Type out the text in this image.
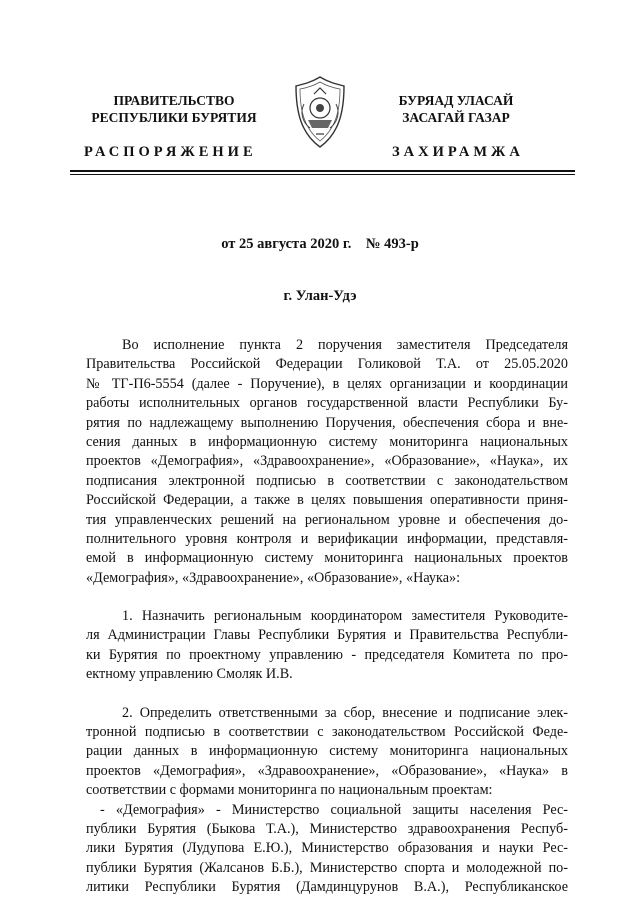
ПРАВИТЕЛЬСТВО
РЕСПУБЛИКИ БУРЯТИЯ
БУРЯАД УЛАСАЙ
ЗАСАГАЙ ГАЗАР
РАСПОРЯЖЕНИЕ	ЗАХИРАМЖА
от 25 августа 2020 г.    № 493-р
г. Улан-Удэ
Во исполнение пункта 2 поручения заместителя Председателя
Правительства Российской Федерации Голиковой Т.А. от 25.05.2020
№ ТГ-П6-5554 (далее - Поручение), в целях организации и координации
работы исполнительных органов государственной власти Республики Бу-
рятия по надлежащему выполнению Поручения, обеспечения сбора и вне-
сения данных в информационную систему мониторинга национальных
проектов «Демография», «Здравоохранение», «Образование», «Наука», их
подписания электронной подписью в соответствии с законодательством
Российской Федерации, а также в целях повышения оперативности приня-
тия управленческих решений на региональном уровне и обеспечения до-
полнительного уровня контроля и верификации информации, представля-
емой в информационную систему мониторинга национальных проектов
«Демография», «Здравоохранение», «Образование», «Наука»:
1. Назначить региональным координатором заместителя Руководите-
ля Администрации Главы Республики Бурятия и Правительства Республи-
ки Бурятия по проектному управлению - председателя Комитета по про-
ектному управлению Смоляк И.В.
2. Определить ответственными за сбор, внесение и подписание элек-
тронной подписью в соответствии с законодательством Российской Феде-
рации данных в информационную систему мониторинга национальных
проектов «Демография», «Здравоохранение», «Образование», «Наука» в
соответствии с формами мониторинга по национальным проектам:
- «Демография» - Министерство социальной защиты населения Рес-
публики Бурятия (Быкова Т.А.), Министерство здравоохранения Респуб-
лики Бурятия (Лудупова Е.Ю.), Министерство образования и науки Рес-
публики Бурятия (Жалсанов Б.Б.), Министерство спорта и молодежной по-
литики Республики Бурятия (Дамдинцурунов В.А.), Республиканское
